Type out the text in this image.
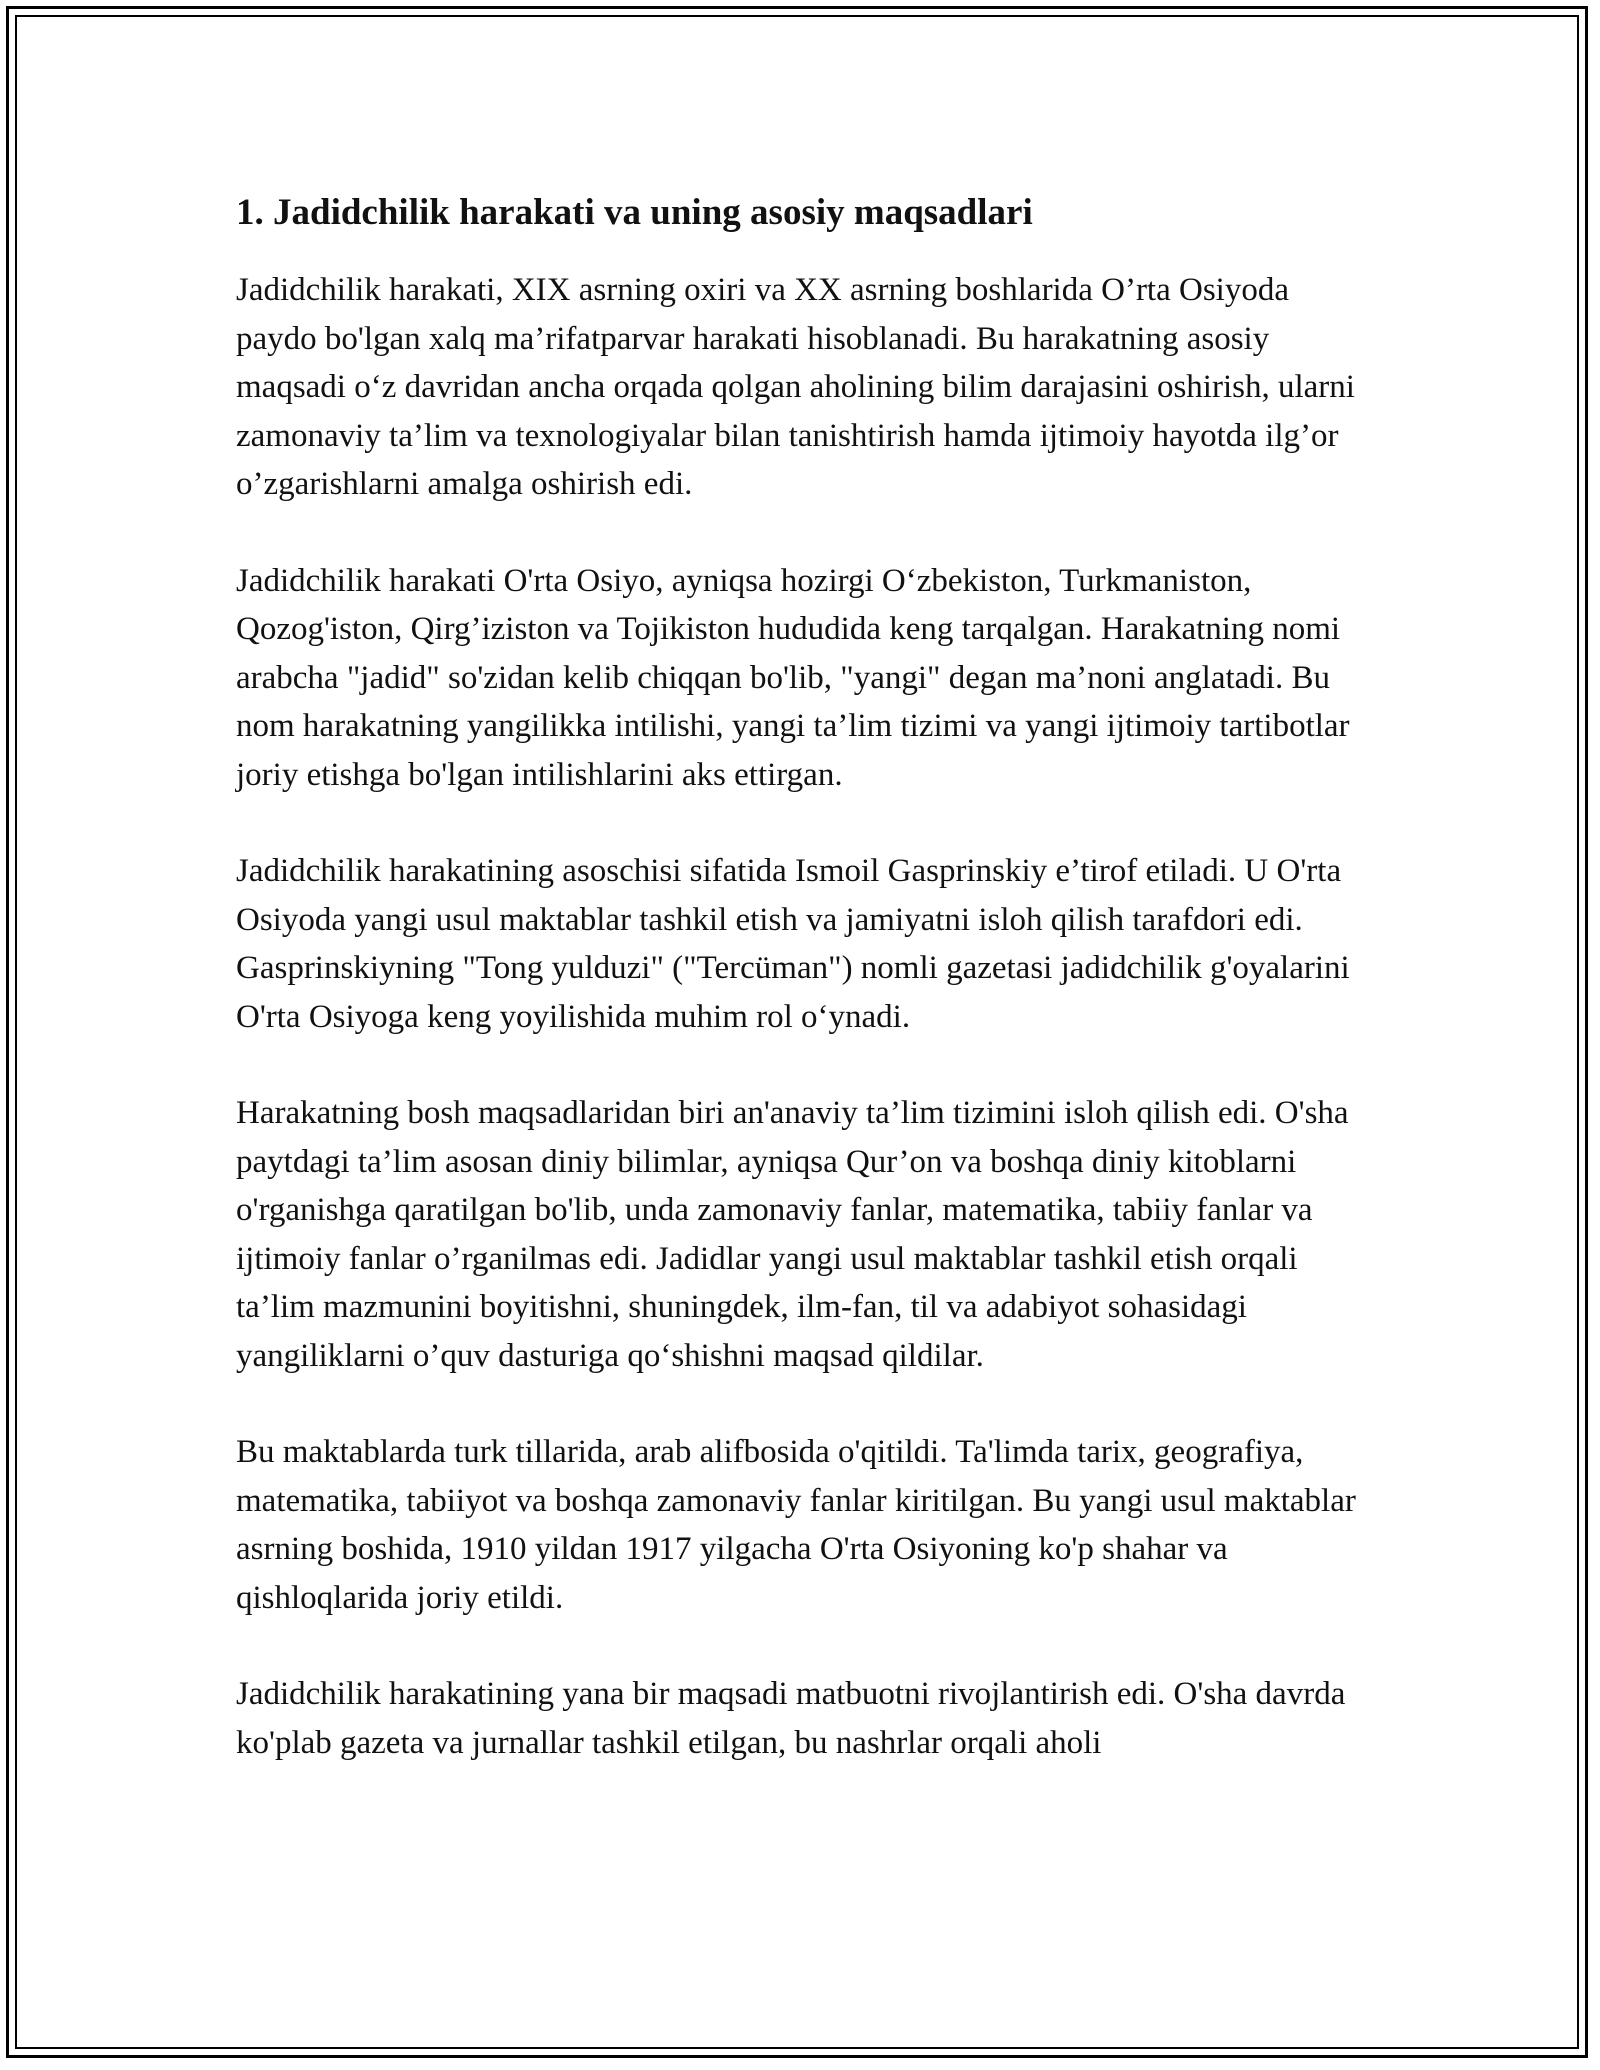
1. Jadidchilik harakati va uning asosiy maqsadlari

Jadidchilik harakati, XIX asrning oxiri va XX asrning boshlarida O’rta Osiyoda paydo bo'lgan xalq ma’rifatparvar harakati hisoblanadi. Bu harakatning asosiy maqsadi o‘z davridan ancha orqada qolgan aholining bilim darajasini oshirish, ularni zamonaviy ta’lim va texnologiyalar bilan tanishtirish hamda ijtimoiy hayotda ilg’or o’zgarishlarni amalga oshirish edi.

Jadidchilik harakati O'rta Osiyo, ayniqsa hozirgi O‘zbekiston, Turkmaniston, Qozog'iston, Qirg’iziston va Tojikiston hududida keng tarqalgan. Harakatning nomi arabcha "jadid" so'zidan kelib chiqqan bo'lib, "yangi" degan ma’noni anglatadi. Bu nom harakatning yangilikka intilishi, yangi ta’lim tizimi va yangi ijtimoiy tartibotlar joriy etishga bo'lgan intilishlarini aks ettirgan.

Jadidchilik harakatining asoschisi sifatida Ismoil Gasprinskiy e’tirof etiladi. U O'rta Osiyoda yangi usul maktablar tashkil etish va jamiyatni isloh qilish tarafdori edi. Gasprinskiyning "Tong yulduzi" ("Tercüman") nomli gazetasi jadidchilik g'oyalarini O'rta Osiyoga keng yoyilishida muhim rol o‘ynadi.

Harakatning bosh maqsadlaridan biri an'anaviy ta’lim tizimini isloh qilish edi. O'sha paytdagi ta’lim asosan diniy bilimlar, ayniqsa Qur’on va boshqa diniy kitoblarni o'rganishga qaratilgan bo'lib, unda zamonaviy fanlar, matematika, tabiiy fanlar va ijtimoiy fanlar o’rganilmas edi. Jadidlar yangi usul maktablar tashkil etish orqali ta’lim mazmunini boyitishni, shuningdek, ilm-fan, til va adabiyot sohasidagi yangiliklarni o’quv dasturiga qo‘shishni maqsad qildilar.

Bu maktablarda turk tillarida, arab alifbosida o'qitildi. Ta'limda tarix, geografiya, matematika, tabiiyot va boshqa zamonaviy fanlar kiritilgan. Bu yangi usul maktablar asrning boshida, 1910 yildan 1917 yilgacha O'rta Osiyoning ko'p shahar va qishloqlarida joriy etildi.

Jadidchilik harakatining yana bir maqsadi matbuotni rivojlantirish edi. O'sha davrda ko'plab gazeta va jurnallar tashkil etilgan, bu nashrlar orqali aholi
